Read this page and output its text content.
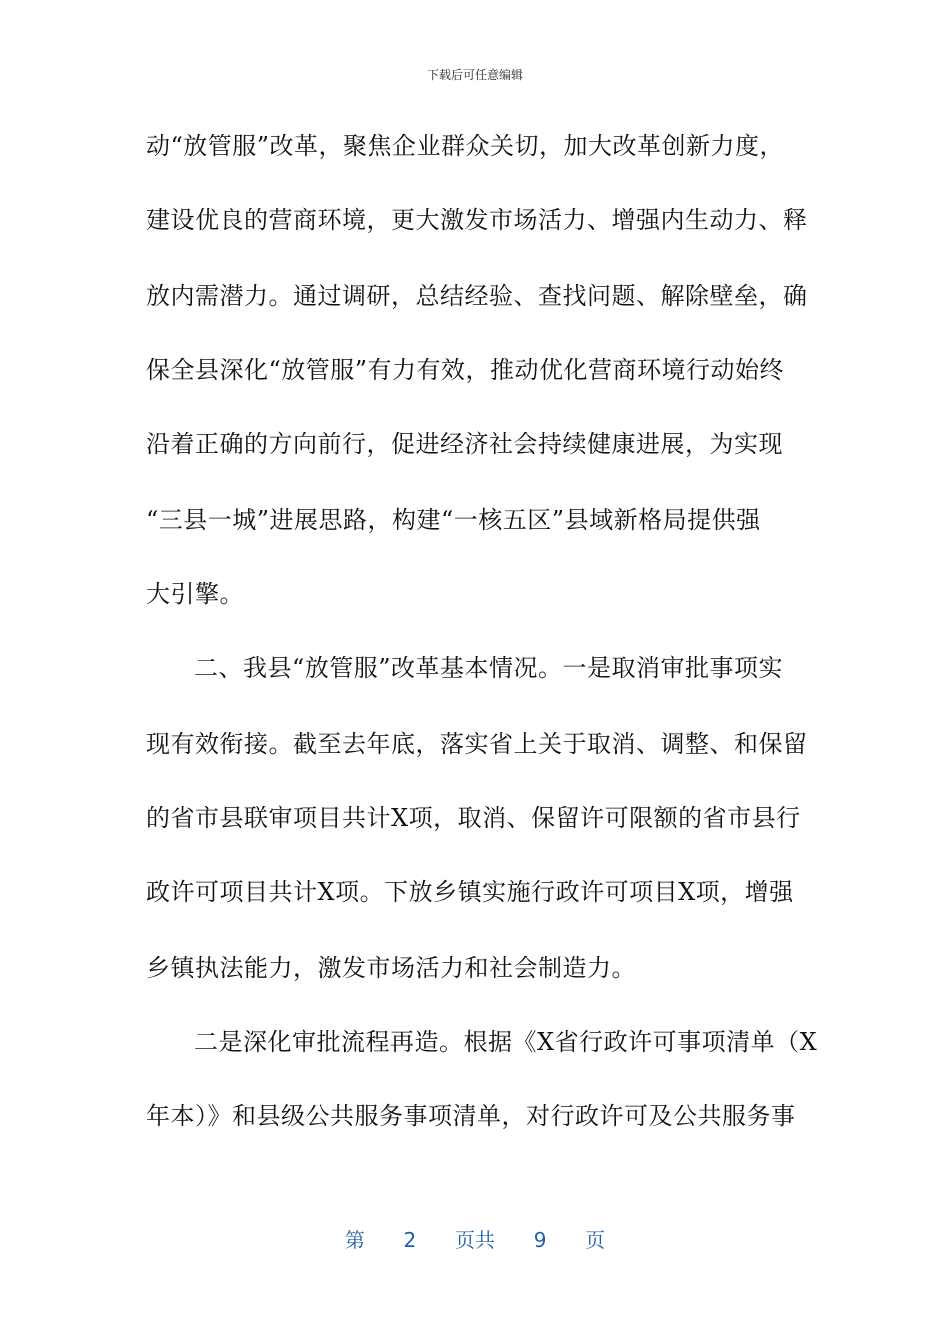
下载后可任意编辑
动“放管服”改革，聚焦企业群众关切，加大改革创新力度，
建设优良的营商环境，更大激发市场活力、增强内生动力、释
放内需潜力。通过调研，总结经验、查找问题、解除壁垒，确
保全县深化“放管服”有力有效，推动优化营商环境行动始终
沿着正确的方向前行，促进经济社会持续健康进展，为实现
“三县一城”进展思路，构建“一核五区”县域新格局提供强
大引擎。
二、我县“放管服”改革基本情况。一是取消审批事项实
现有效衔接。截至去年底，落实省上关于取消、调整、和保留
的省市县联审项目共计X项，取消、保留许可限额的省市县行
政许可项目共计X项。下放乡镇实施行政许可项目X项，增强
乡镇执法能力，激发市场活力和社会制造力。
二是深化审批流程再造。根据《X省行政许可事项清单（X
年本）》和县级公共服务事项清单，对行政许可及公共服务事
第 2 页共 9 页
